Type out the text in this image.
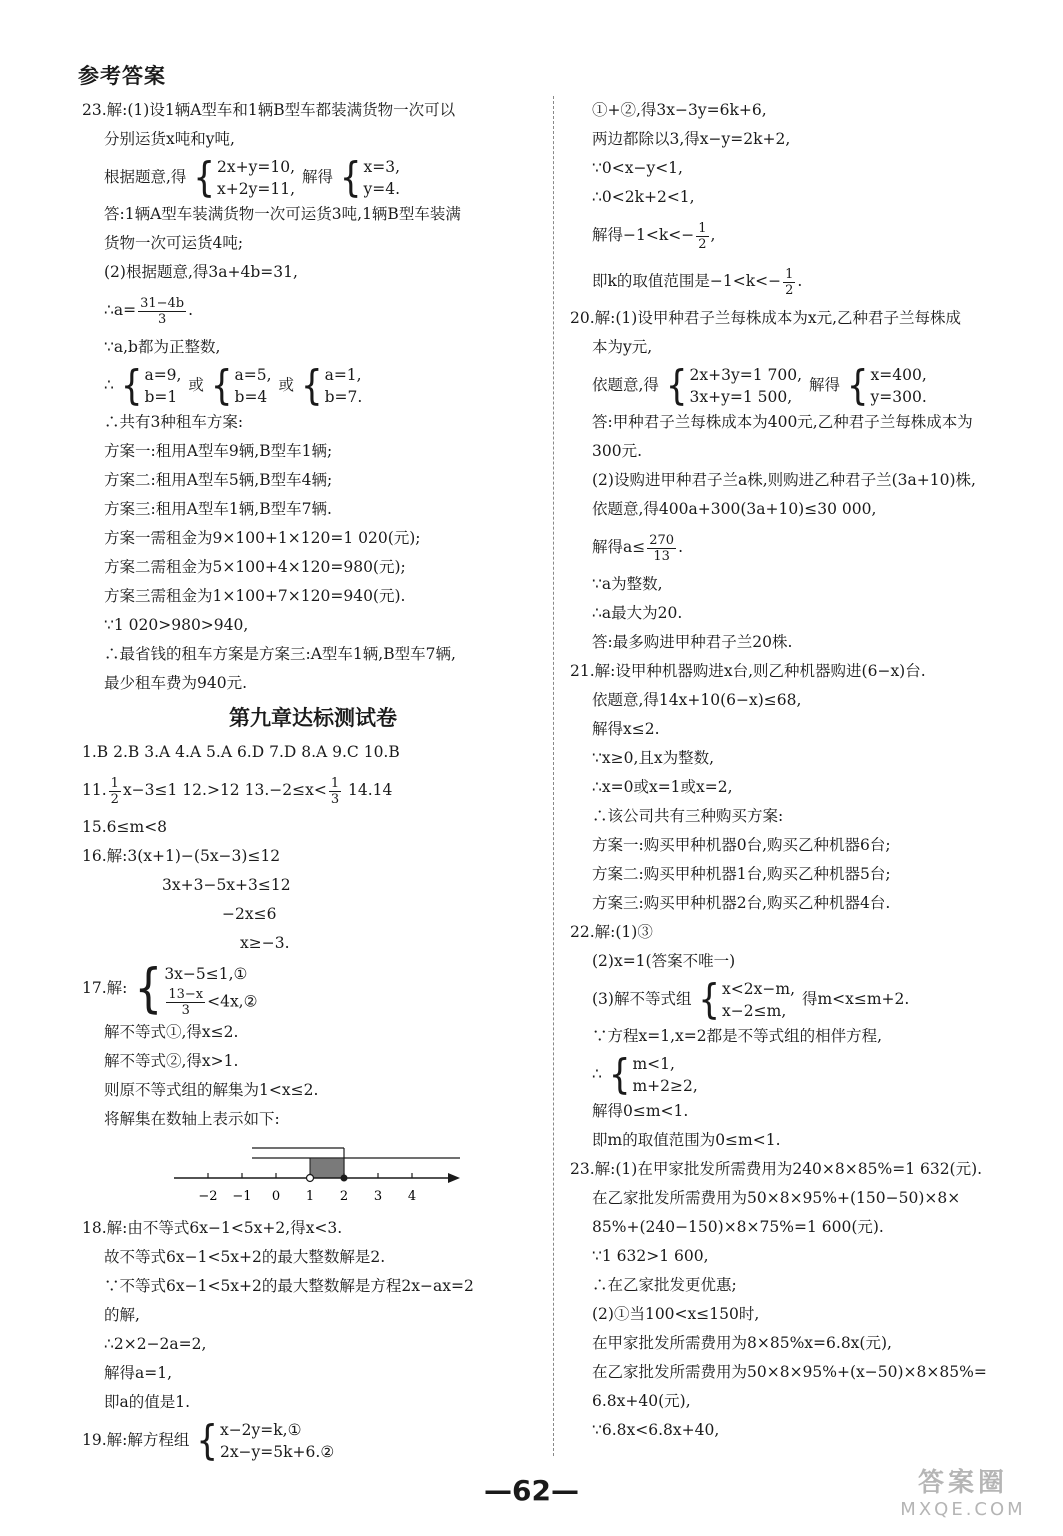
参考答案
23.解:(1)设1辆A型车和1辆B型车都装满货物一次可以
分别运货x吨和y吨,
根据题意,得 { 2x+y=10,
x+2y=11,
解得 { x=3,
y=4.
答:1辆A型车装满货物一次可运货3吨,1辆B型车装满
货物一次可运货4吨;
(2)根据题意,得3a+4b=31,
∴a= $\frac{31-4b}{3}$ .
∵a,b都为正整数,
∴ { a=9,
b=1
或 { a=5,
b=4
或 { a=1,
b=7.
∴共有3种租车方案:
方案一:租用A型车9辆,B型车1辆;
方案二:租用A型车5辆,B型车4辆;
方案三:租用A型车1辆,B型车7辆.
方案一需租金为9×100+1×120=1 020(元);
方案二需租金为5×100+4×120=980(元);
方案三需租金为1×100+7×120=940(元).
∵1 020>980>940,
∴最省钱的租车方案是方案三:A型车1辆,B型车7辆,
最少租车费为940元.
第九章达标测试卷
1.B 2.B 3.A 4.A 5.A 6.D 7.D 8.A 9.C 10.B
11. $\frac{1}{2} x-3\le 1$ 12.>12 $13.-2\le x< \frac{1}{3} 14.14$
15.6≤m<8
16.解:3(x+1)−(5x−3)≤12
3x+3−5x+3≤12
−2x≤6
x≥−3.
17.解: { 3x−5≤1,①
$\frac{13-x}{3}$ <4x,②
解不等式①,得x≤2.
解不等式②,得x>1.
则原不等式组的解集为1<x≤2.
将解集在数轴上表示如下:
−2 −1 0 1 2 3 4
18.解:由不等式6x−1<5x+2,得x<3.
故不等式6x−1<5x+2的最大整数解是2.
∵不等式6x−1<5x+2的最大整数解是方程2x−ax=2
的解,
∴2×2−2a=2,
解得a=1,
即a的值是1.
19.解:解方程组 { x−2y=k,①
2x−y=5k+6.②
①+②,得3x−3y=6k+6,
两边都除以3,得x−y=2k+2,
∵0<x−y<1,
∴0<2k+2<1,
解得$-1<k<- \frac{1}{2}$ ,
即k的取值范围是$-1<k<- \frac{1}{2}$ .
20.解:(1)设甲种君子兰每株成本为x元,乙种君子兰每株成
本为y元,
依题意,得 { 2x+3y=1 700,
3x+y=1 500,
解得 { x=400,
y=300.
答:甲种君子兰每株成本为400元,乙种君子兰每株成本为
300元.
(2)设购进甲种君子兰a株,则购进乙种君子兰(3a+10)株,
依题意,得400a+300(3a+10)≤30 000,
解得$a\le \frac{270}{13}$ .
∵a为整数,
∴a最大为20.
答:最多购进甲种君子兰20株.
21.解:设甲种机器购进x台,则乙种机器购进(6−x)台.
依题意,得14x+10(6−x)≤68,
解得x≤2.
∵x≥0,且x为整数,
∴x=0或x=1或x=2,
∴该公司共有三种购买方案:
方案一:购买甲种机器0台,购买乙种机器6台;
方案二:购买甲种机器1台,购买乙种机器5台;
方案三:购买甲种机器2台,购买乙种机器4台.
22.解:(1)③
(2)x=1(答案不唯一)
(3)解不等式组 { x<2x−m,
x−2≤m,
得m<x≤m+2.
∵方程x=1,x=2都是不等式组的相伴方程,
∴ { m<1,
m+2≥2,
解得0≤m<1.
即m的取值范围为0≤m<1.
23.解:(1)在甲家批发所需费用为240×8×85%=1 632(元).
在乙家批发所需费用为50×8×95%+(150−50)×8×
85%+(240−150)×8×75%=1 600(元).
∵1 632>1 600,
∴在乙家批发更优惠;
(2)①当100<x≤150时,
在甲家批发所需费用为8×85%x=6.8x(元),
在乙家批发所需费用为50×8×95%+(x−50)×8×85%=
6.8x+40(元),
∵6.8x<6.8x+40,
—62—	答案圈
MXQE.COM
